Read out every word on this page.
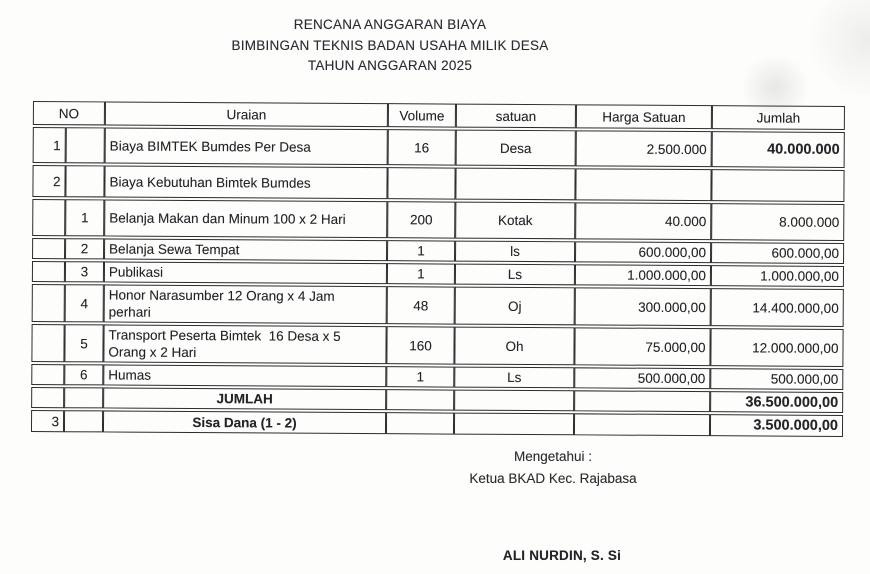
RENCANA ANGGARAN BIAYA
BIMBINGAN TEKNIS BADAN USAHA MILIK DESA
TAHUN ANGGARAN 2025
NO		Uraian	Volume	satuan	Harga Satuan	Jumlah
1		Biaya BIMTEK Bumdes Per Desa	16	Desa	2.500.000	40.000.000
2		Biaya Kebutuhan Bimtek Bumdes				
	1	Belanja Makan dan Minum 100 x 2 Hari	200	Kotak	40.000	8.000.000
	2	Belanja Sewa Tempat	1	ls	600.000,00	600.000,00
	3	Publikasi	1	Ls	1.000.000,00	1.000.000,00
	4	Honor Narasumber 12 Orang x 4 Jam
perhari	48	Oj	300.000,00	14.400.000,00
	5	Transport Peserta Bimtek  16 Desa x 5
Orang x 2 Hari	160	Oh	75.000,00	12.000.000,00
	6	Humas	1	Ls	500.000,00	500.000,00
		JUMLAH				36.500.000,00
3		Sisa Dana (1 - 2)				3.500.000,00
Mengetahui :
Ketua BKAD Kec. Rajabasa
ALI NURDIN, S. Si
